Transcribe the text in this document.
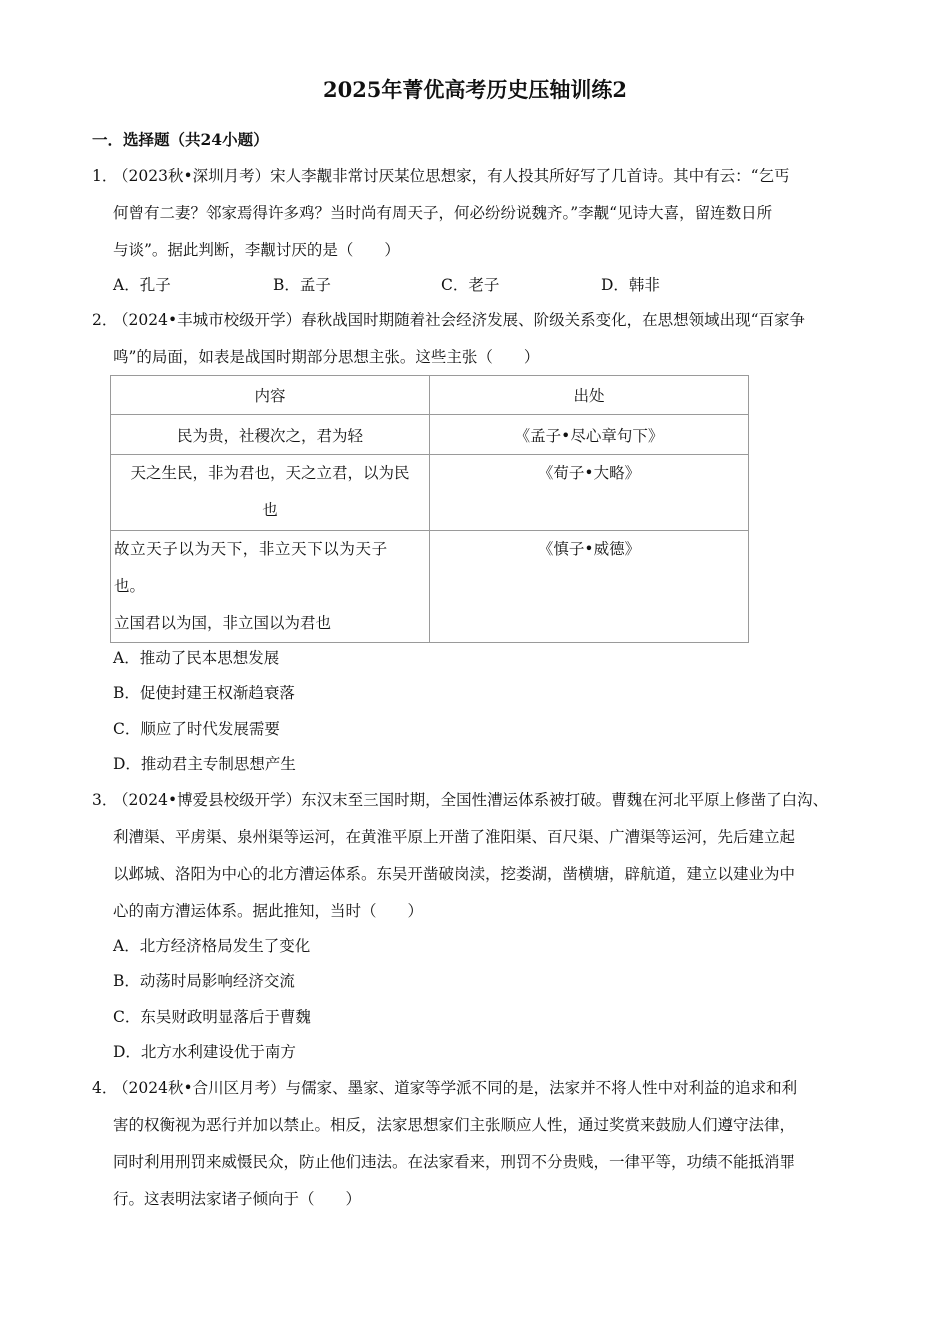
2025年菁优高考历史压轴训练2
一．选择题（共24小题）
1．
（2023秋•深圳月考）宋人李觏非常讨厌某位思想家，有人投其所好写了几首诗。其中有云：“乞丐
何曾有二妻？邻家焉得许多鸡？当时尚有周天子，何必纷纷说魏齐。”李觏“见诗大喜，留连数日所
与谈”。据此判断，李觏讨厌的是（　　）
A．孔子	B．孟子	C．老子	D．韩非
2．
（2024•丰城市校级开学）春秋战国时期随着社会经济发展、阶级关系变化，在思想领域出现“百家争
鸣”的局面，如表是战国时期部分思想主张。这些主张（　　）
内容	出处
民为贵，社稷次之，君为轻	《孟子•尽心章句下》

天之生民，非为君也，天之立君，以为民
也	《荀子•大略》

故立天子以为天下，非立天下以为天子
也。
立国君以为国，非立国以为君也	《慎子•威德》
A．推动了民本思想发展
B．促使封建王权渐趋衰落
C．顺应了时代发展需要
D．推动君主专制思想产生
3．
（2024•博爱县校级开学）东汉末至三国时期，全国性漕运体系被打破。曹魏在河北平原上修凿了白沟、
利漕渠、平虏渠、泉州渠等运河，在黄淮平原上开凿了淮阳渠、百尺渠、广漕渠等运河，先后建立起
以邺城、洛阳为中心的北方漕运体系。东吴开凿破岗渎，挖娄湖，凿横塘，辟航道，建立以建业为中
心的南方漕运体系。据此推知，当时（　　）
A．北方经济格局发生了变化
B．动荡时局影响经济交流
C．东吴财政明显落后于曹魏
D．北方水利建设优于南方
4．
（2024秋•合川区月考）与儒家、墨家、道家等学派不同的是，法家并不将人性中对利益的追求和利
害的权衡视为恶行并加以禁止。相反，法家思想家们主张顺应人性，通过奖赏来鼓励人们遵守法律，
同时利用刑罚来威慑民众，防止他们违法。在法家看来，刑罚不分贵贱，一律平等，功绩不能抵消罪
行。这表明法家诸子倾向于（　　）
